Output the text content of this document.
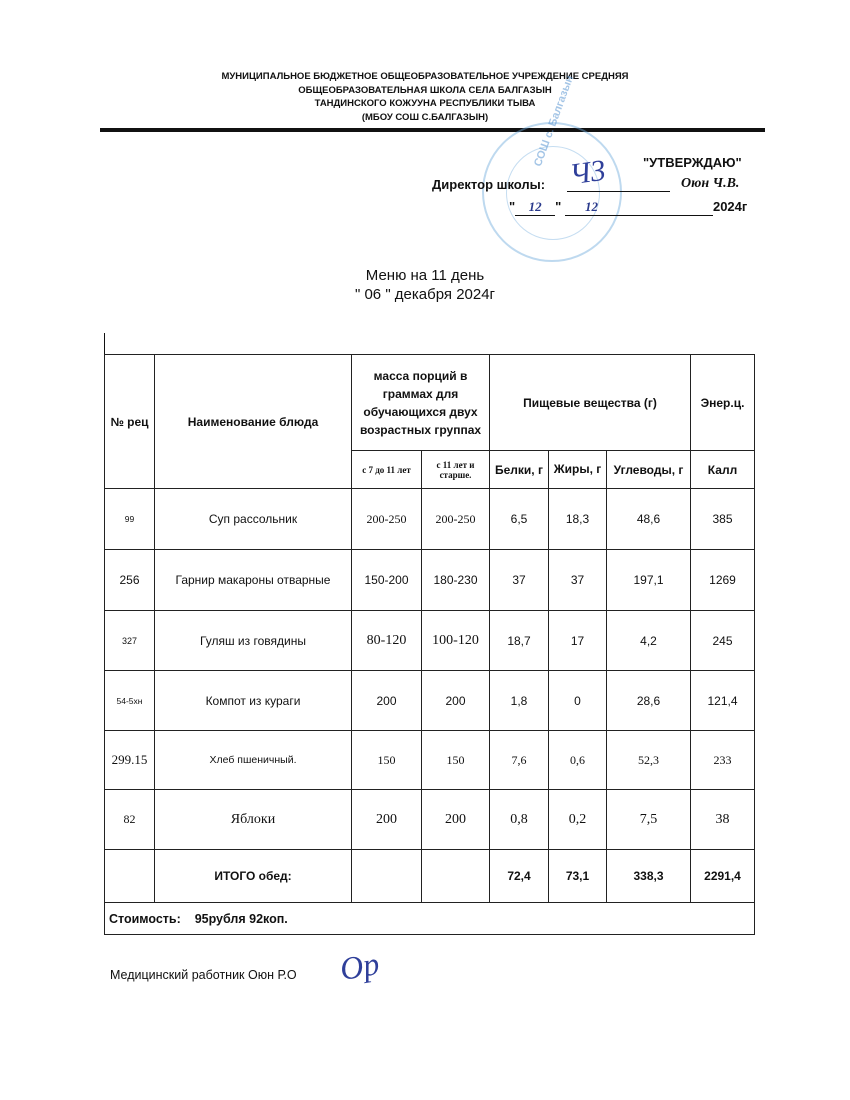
МУНИЦИПАЛЬНОЕ БЮДЖЕТНОЕ ОБЩЕОБРАЗОВАТЕЛЬНОЕ УЧРЕЖДЕНИЕ СРЕДНЯЯ
ОБЩЕОБРАЗОВАТЕЛЬНАЯ ШКОЛА СЕЛА БАЛГАЗЫН
ТАНДИНСКОГО КОЖУУНА РЕСПУБЛИКИ ТЫВА
(МБОУ СОШ С.БАЛГАЗЫН)	СОШ с. Балгазын	"УТВЕРЖДАЮ"
Директор школы: Ч3	Оюн Ч.В.
" 12 " 12	2024г
Меню на 11 день
" 06 " декабря 2024г
№ рец	Наименование блюда	масса порций в граммах для обучающихся двух возрастных группах		Пищевые вещества (г)			Энер.ц.
		с 7 до 11 лет	с 11 лет и старше.	Белки, г	Жиры, г	Углеводы, г	Калл
99	Суп рассольник	200-250	200-250	6,5	18,3	48,6	385
256	Гарнир макароны отварные	150-200	180-230	37	37	197,1	1269
327	Гуляш из говядины	80-120	100-120	18,7	17	4,2	245
54-5хн	Компот из кураги	200	200	1,8	0	28,6	121,4
299.15	Хлеб пшеничный.	150	150	7,6	0,6	52,3	233
82	Яблоки	200	200	0,8	0,2	7,5	38
	ИТОГО обед:			72,4	73,1	338,3	2291,4
Стоимость: 95рубля 92коп.							
Медицинский работник Оюн Р.О Ор
